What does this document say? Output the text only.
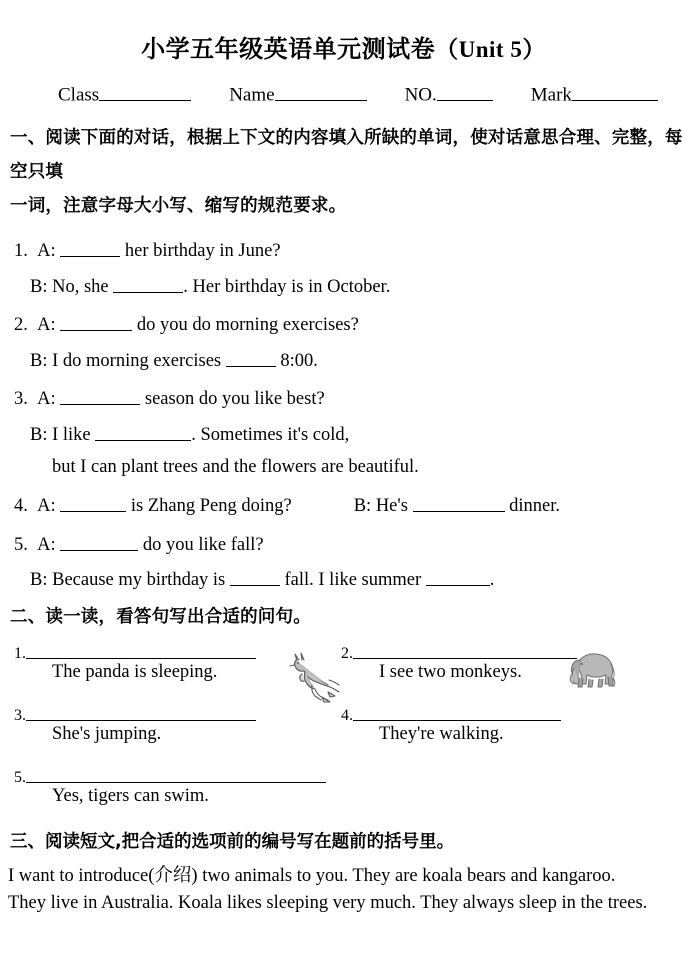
小学五年级英语单元测试卷（Unit 5）
Class	Name	NO.	Mark
一、阅读下面的对话，根据上下文的内容填入所缺的单词，使对话意思合理、完整，每空只填
一词，注意字母大小写、缩写的规范要求。
1. A:	her birthday in June?
B: No, she	. Her birthday is in October.
2. A:	do you do morning exercises?
B: I do morning exercises	8:00.
3. A:	season do you like best?
B: I like	. Sometimes it's cold,
but I can plant trees and the flowers are beautiful.
4. A:	is Zhang Peng doing?	B: He's	dinner.
5. A:	do you like fall?
B: Because my birthday is	fall. I like summer	.
二、读一读，看答句写出合适的问句。
1.
The panda is sleeping.
2.
I see two monkeys.
3.
She's jumping.
4.
They're walking.
5.
Yes, tigers can swim.
三、阅读短文,把合适的选项前的编号写在题前的括号里。
I want to introduce(介绍) two animals to you. They are koala bears and kangaroo.
They live in Australia. Koala likes sleeping very much. They always sleep in the trees.
